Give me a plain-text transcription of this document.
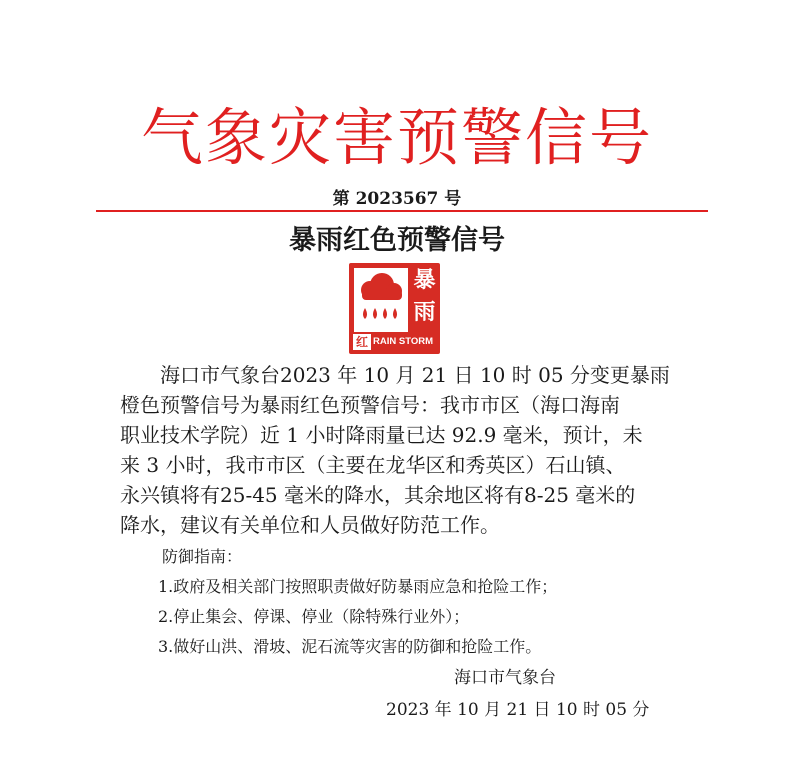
气象灾害预警信号
第 2023567 号
暴雨红色预警信号
暴
雨
红 RAIN STORM

海口市气象台2023 年 10 月 21 日 10 时 05 分变更暴雨
橙色预警信号为暴雨红色预警信号：我市市区（海口海南
职业技术学院）近 1 小时降雨量已达 92.9 毫米，预计，未
来 3 小时，我市市区（主要在龙华区和秀英区）石山镇、
永兴镇将有25-45 毫米的降水，其余地区将有8-25 毫米的
降水，建议有关单位和人员做好防范工作。

防御指南：
1.政府及相关部门按照职责做好防暴雨应急和抢险工作；
2.停止集会、停课、停业（除特殊行业外）；
3.做好山洪、滑坡、泥石流等灾害的防御和抢险工作。
海口市气象台
2023 年 10 月 21 日 10 时 05 分
